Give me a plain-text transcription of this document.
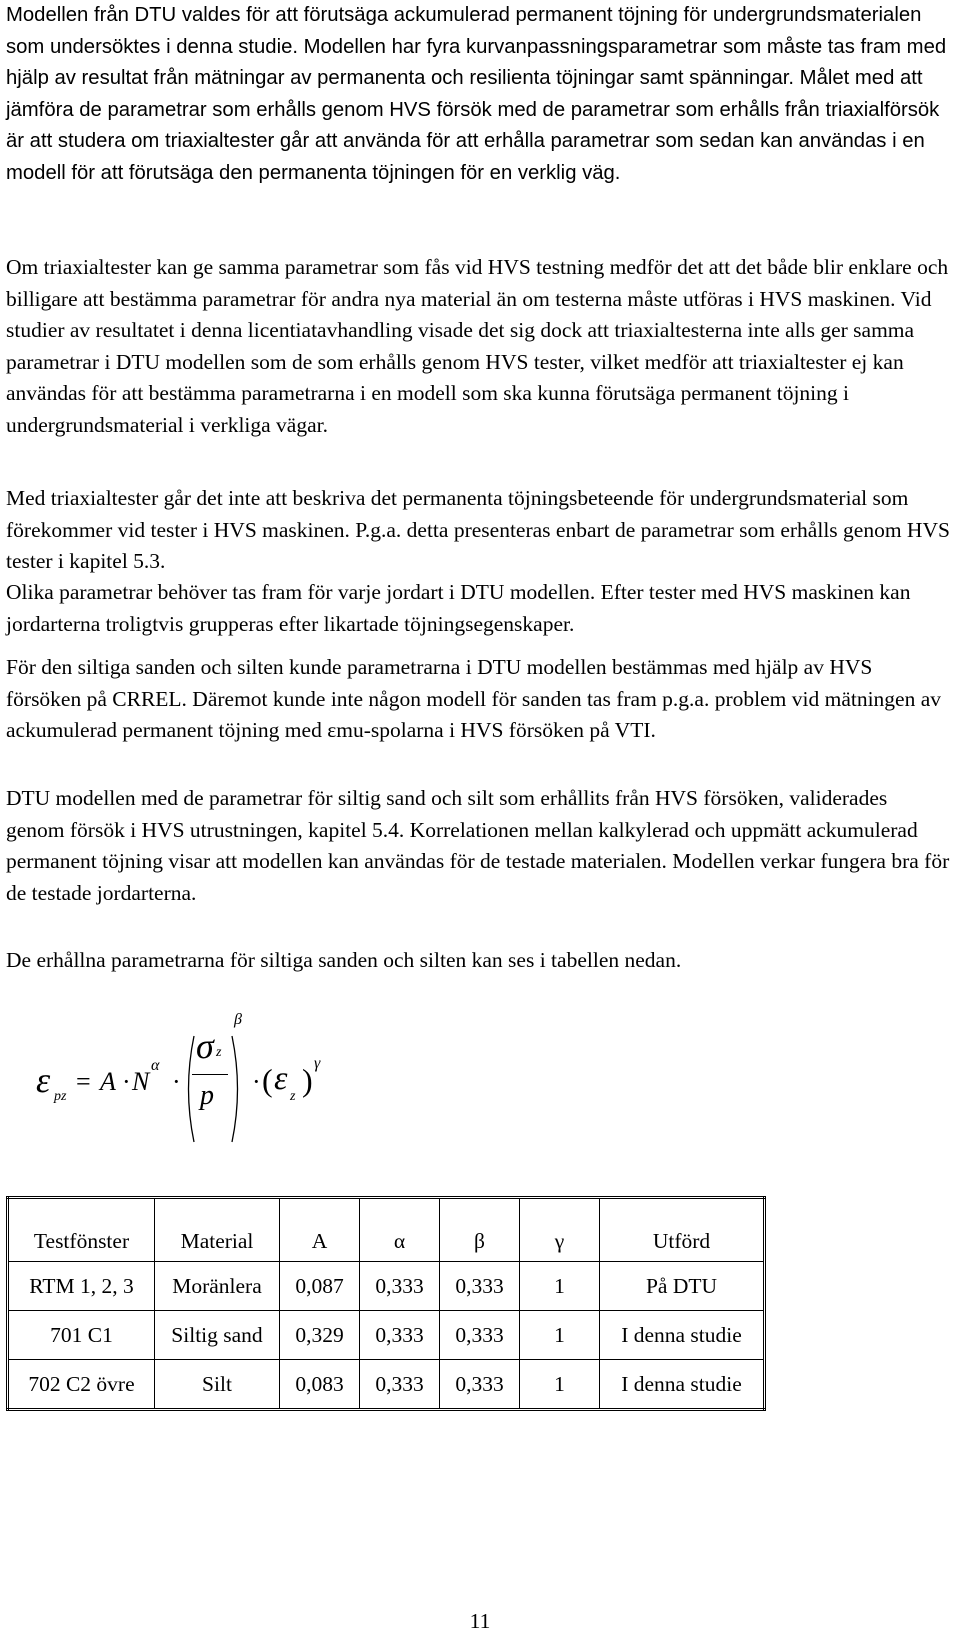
Modellen från DTU valdes för att förutsäga ackumulerad permanent töjning för undergrundsmaterialen som undersöktes i denna studie. Modellen har fyra kurvanpassningsparametrar som måste tas fram med hjälp av resultat från mätningar av permanenta och resilienta töjningar samt spänningar. Målet med att jämföra de parametrar som erhålls genom HVS försök med de parametrar som erhålls från triaxialförsök är att studera om triaxialtester går att använda för att erhålla parametrar som sedan kan användas i en modell för att förutsäga den permanenta töjningen för en verklig väg.

Om triaxialtester kan ge samma parametrar som fås vid HVS testning medför det att det både blir enklare och billigare att bestämma parametrar för andra nya material än om testerna måste utföras i HVS maskinen. Vid studier av resultatet i denna licentiatavhandling visade det sig dock att triaxialtesterna inte alls ger samma parametrar i DTU modellen som de som erhålls genom HVS tester, vilket medför att triaxialtester ej kan användas för att bestämma parametrarna i en modell som ska kunna förutsäga permanent töjning i undergrundsmaterial i verkliga vägar.

Med triaxialtester går det inte att beskriva det permanenta töjningsbeteende för undergrundsmaterial som förekommer vid tester i HVS maskinen. P.g.a. detta presenteras enbart de parametrar som erhålls genom HVS tester i kapitel 5.3.

Olika parametrar behöver tas fram för varje jordart i DTU modellen. Efter tester med HVS maskinen kan jordarterna troligtvis grupperas efter likartade töjningsegenskaper.

För den siltiga sanden och silten kunde parametrarna i DTU modellen bestämmas med hjälp av HVS försöken på CRREL. Däremot kunde inte någon modell för sanden tas fram p.g.a. problem vid mätningen av ackumulerad permanent töjning med εmu-spolarna i HVS försöken på VTI.

DTU modellen med de parametrar för siltig sand och silt som erhållits från HVS försöken, validerades genom försök i HVS utrustningen, kapitel 5.4. Korrelationen mellan kalkylerad och uppmätt ackumulerad permanent töjning visar att modellen kan användas för de testade materialen. Modellen verkar fungera bra för de testade jordarterna.

De erhållna parametrarna för siltiga sanden och silten kan ses i tabellen nedan.

ε pz
= A · N
α
·
σ z
p
β
· ( ε z ) γ
Testfönster	Material	A	α	β	γ	Utförd
RTM 1, 2, 3	Moränlera	0,087	0,333	0,333	1	På DTU
701 C1	Siltig sand	0,329	0,333	0,333	1	I denna studie
702 C2 övre	Silt	0,083	0,333	0,333	1	I denna studie
11
